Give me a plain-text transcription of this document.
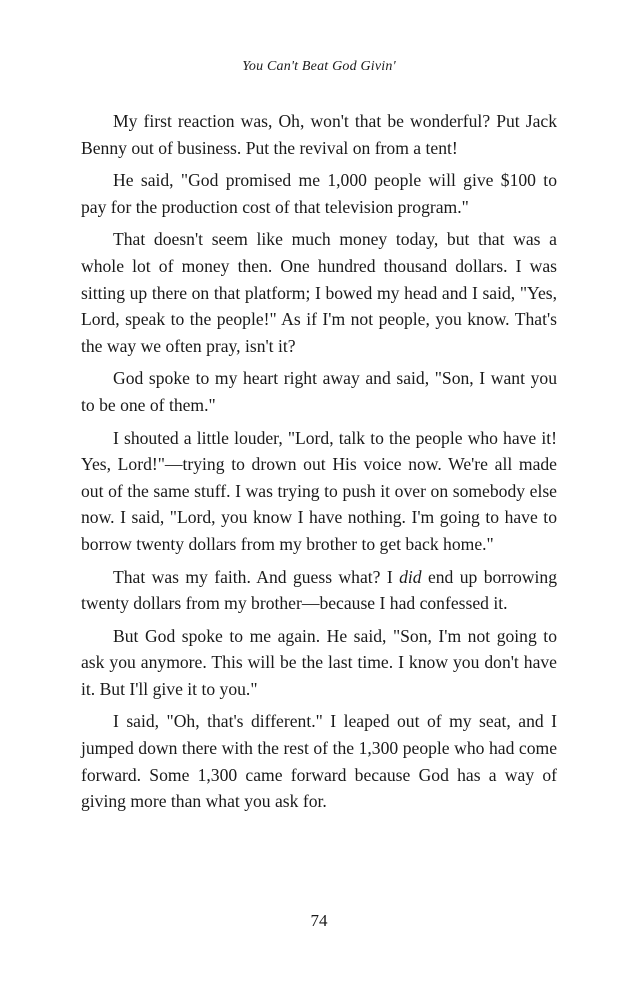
You Can't Beat God Givin'

My first reaction was, Oh, won't that be wonderful? Put Jack Benny out of business. Put the revival on from a tent!

He said, "God promised me 1,000 people will give $100 to pay for the production cost of that television program."

That doesn't seem like much money today, but that was a whole lot of money then. One hundred thousand dollars. I was sitting up there on that platform; I bowed my head and I said, "Yes, Lord, speak to the people!" As if I'm not people, you know. That's the way we often pray, isn't it?

God spoke to my heart right away and said, "Son, I want you to be one of them."

I shouted a little louder, "Lord, talk to the people who have it! Yes, Lord!"—trying to drown out His voice now. We're all made out of the same stuff. I was trying to push it over on somebody else now. I said, "Lord, you know I have nothing. I'm going to have to borrow twenty dollars from my brother to get back home."

That was my faith. And guess what? I did end up borrowing twenty dollars from my brother—because I had confessed it.

But God spoke to me again. He said, "Son, I'm not going to ask you anymore. This will be the last time. I know you don't have it. But I'll give it to you."

I said, "Oh, that's different." I leaped out of my seat, and I jumped down there with the rest of the 1,300 people who had come forward. Some 1,300 came forward because God has a way of giving more than what you ask for.

74
